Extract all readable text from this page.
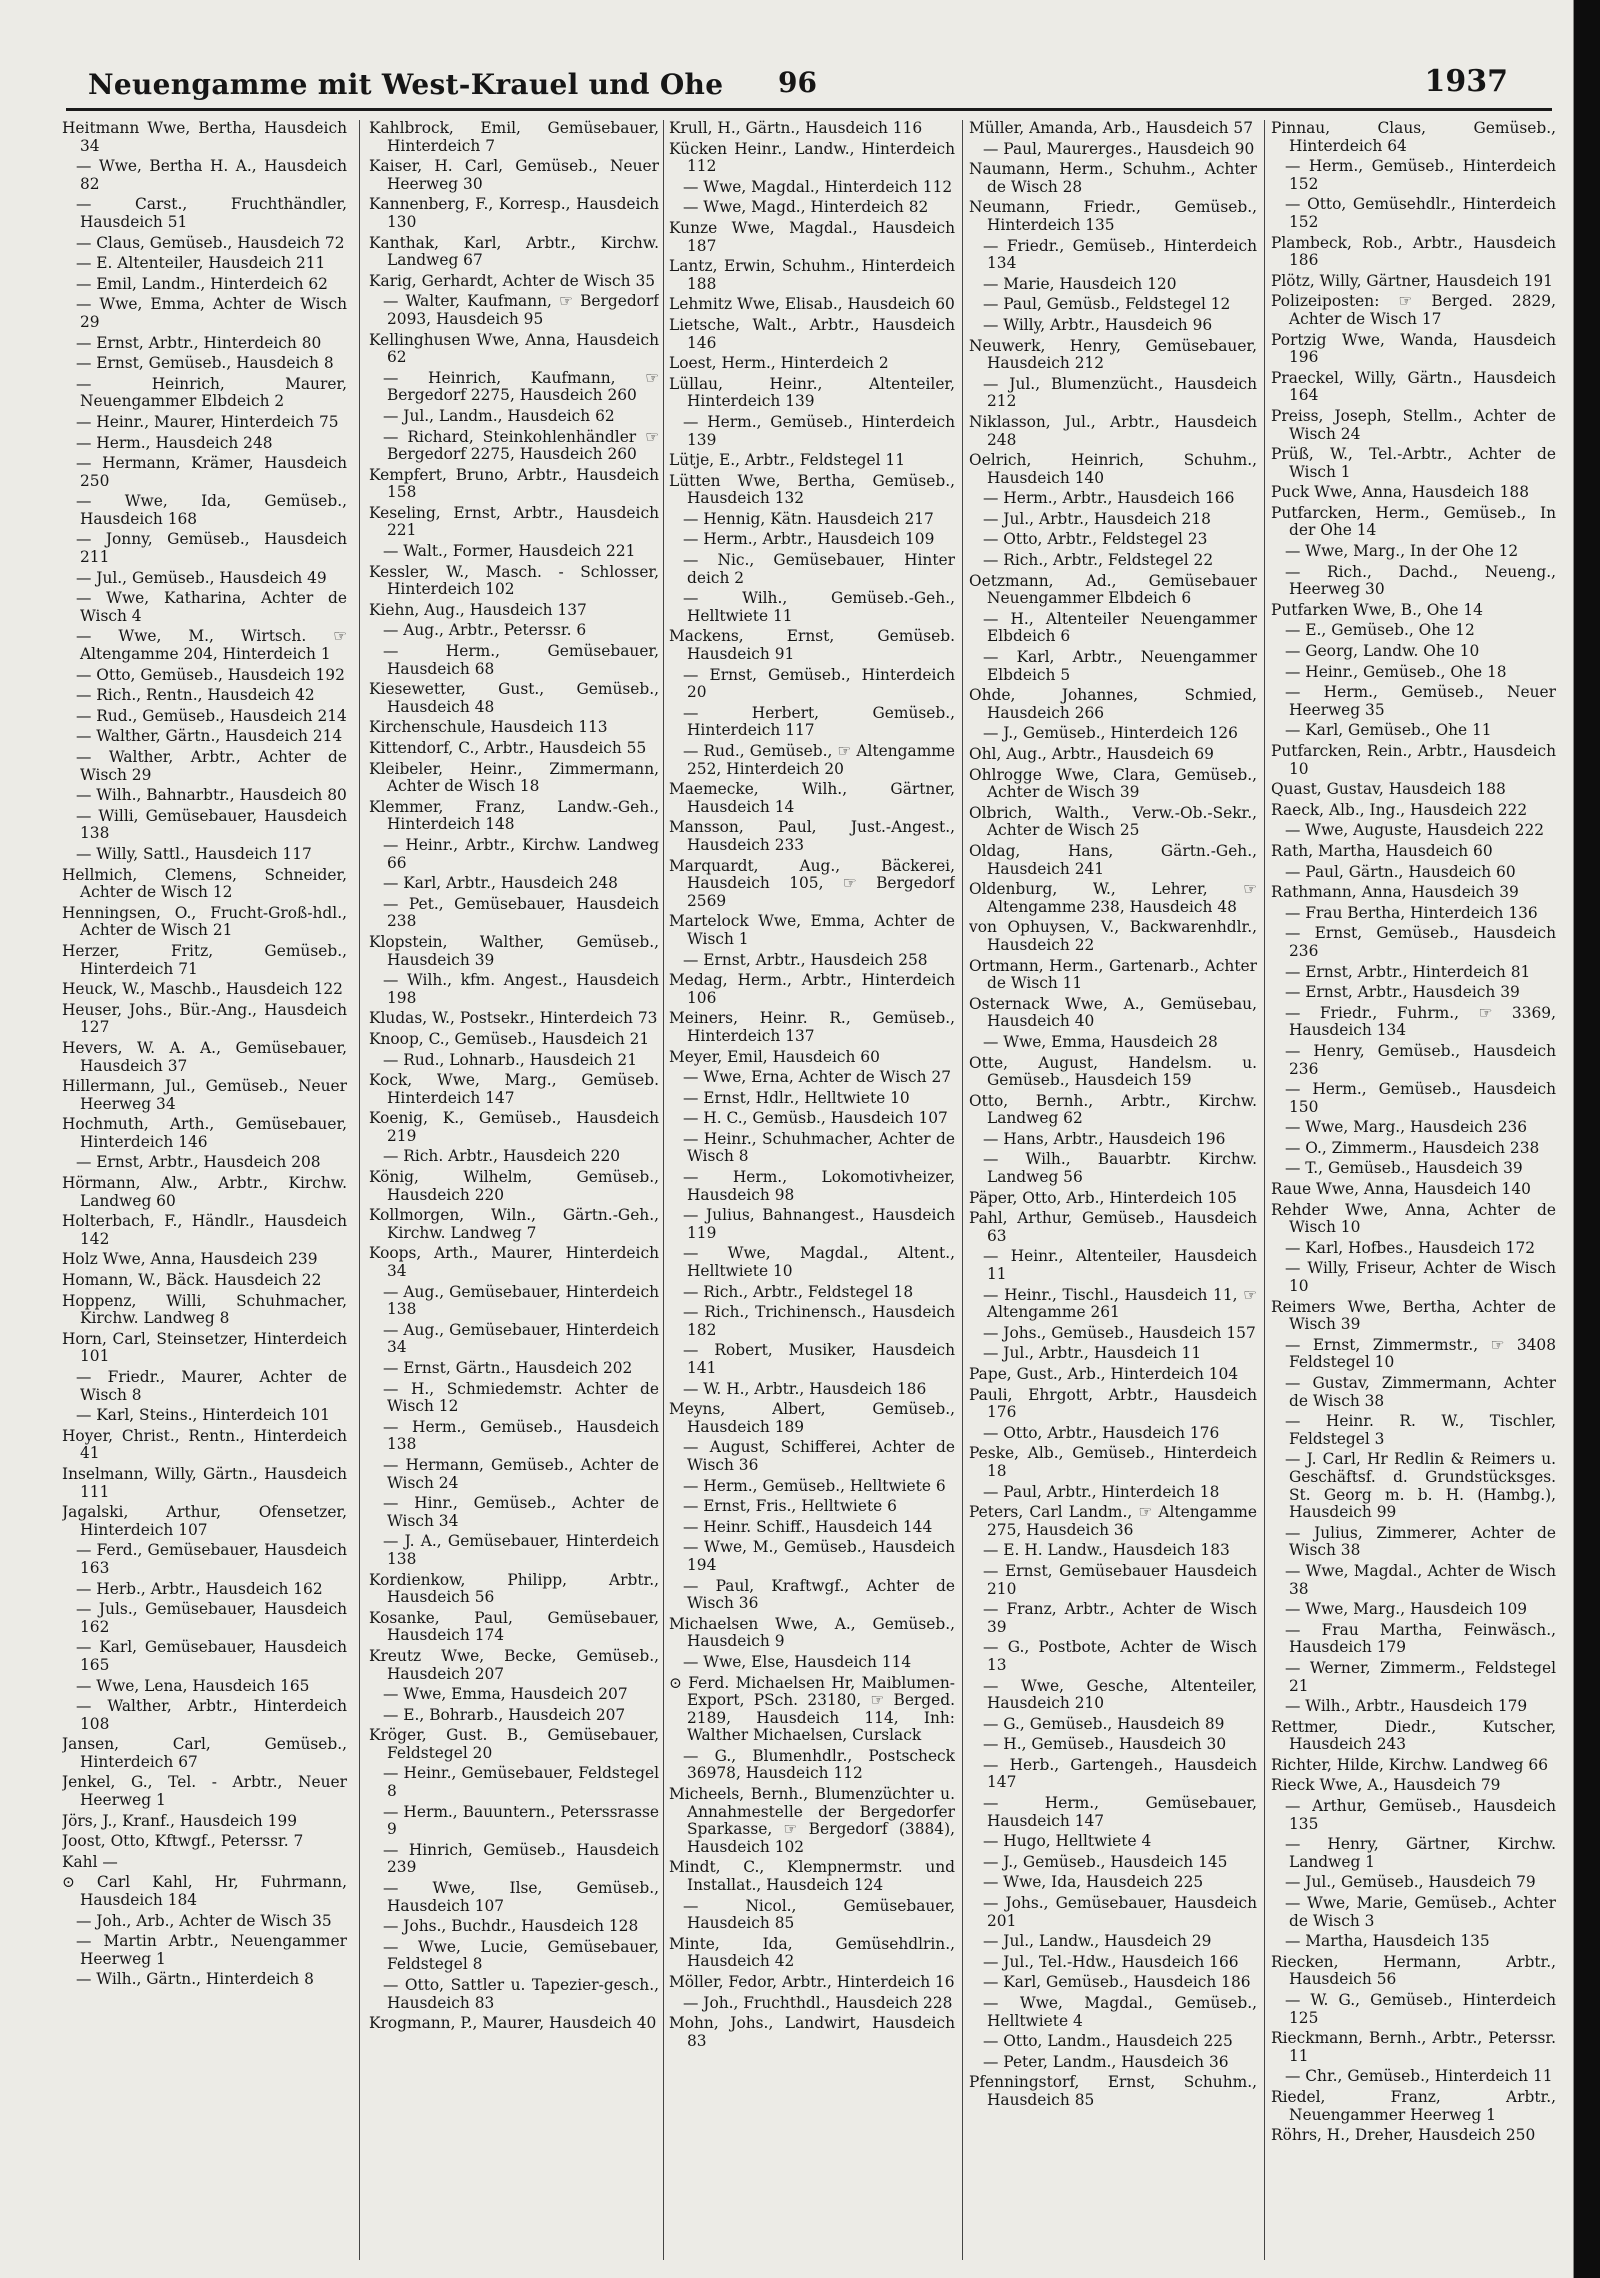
Neuengamme mit West-Krauel und Ohe 96	1937
Heitmann Wwe, Bertha, Hausdeich 34
— Wwe, Bertha H. A., Hausdeich 82
— Carst., Fruchthändler, Hausdeich 51
— Claus, Gemüseb., Hausdeich 72
— E. Altenteiler, Hausdeich 211
— Emil, Landm., Hinterdeich 62
— Wwe, Emma, Achter de Wisch 29
— Ernst, Arbtr., Hinterdeich 80
— Ernst, Gemüseb., Hausdeich 8
— Heinrich, Maurer, Neuengammer Elbdeich 2
— Heinr., Maurer, Hinterdeich 75
— Herm., Hausdeich 248
— Hermann, Krämer, Hausdeich 250
— Wwe, Ida, Gemüseb., Hausdeich 168
— Jonny, Gemüseb., Hausdeich 211
— Jul., Gemüseb., Hausdeich 49
— Wwe, Katharina, Achter de Wisch 4
— Wwe, M., Wirtsch. ☞ Altengamme 204, Hinterdeich 1
— Otto, Gemüseb., Hausdeich 192
— Rich., Rentn., Hausdeich 42
— Rud., Gemüseb., Hausdeich 214
— Walther, Gärtn., Hausdeich 214
— Walther, Arbtr., Achter de Wisch 29
— Wilh., Bahnarbtr., Hausdeich 80
— Willi, Gemüsebauer, Hausdeich 138
— Willy, Sattl., Hausdeich 117
Hellmich, Clemens, Schneider, Achter de Wisch 12
Henningsen, O., Frucht-Groß-hdl., Achter de Wisch 21
Herzer, Fritz, Gemüseb., Hinterdeich 71
Heuck, W., Maschb., Hausdeich 122
Heuser, Johs., Bür.-Ang., Hausdeich 127
Hevers, W. A. A., Gemüsebauer, Hausdeich 37
Hillermann, Jul., Gemüseb., Neuer Heerweg 34
Hochmuth, Arth., Gemüsebauer, Hinterdeich 146
— Ernst, Arbtr., Hausdeich 208
Hörmann, Alw., Arbtr., Kirchw. Landweg 60
Holterbach, F., Händlr., Hausdeich 142
Holz Wwe, Anna, Hausdeich 239
Homann, W., Bäck. Hausdeich 22
Hoppenz, Willi, Schuhmacher, Kirchw. Landweg 8
Horn, Carl, Steinsetzer, Hinterdeich 101
— Friedr., Maurer, Achter de Wisch 8
— Karl, Steins., Hinterdeich 101
Hoyer, Christ., Rentn., Hinterdeich 41
Inselmann, Willy, Gärtn., Hausdeich 111
Jagalski, Arthur, Ofensetzer, Hinterdeich 107
— Ferd., Gemüsebauer, Hausdeich 163
— Herb., Arbtr., Hausdeich 162
— Juls., Gemüsebauer, Hausdeich 162
— Karl, Gemüsebauer, Hausdeich 165
— Wwe, Lena, Hausdeich 165
— Walther, Arbtr., Hinterdeich 108
Jansen, Carl, Gemüseb., Hinterdeich 67
Jenkel, G., Tel. - Arbtr., Neuer Heerweg 1
Jörs, J., Kranf., Hausdeich 199
Joost, Otto, Kftwgf., Peterssr. 7
Kahl —
⊙ Carl Kahl, Hr, Fuhrmann, Hausdeich 184
— Joh., Arb., Achter de Wisch 35
— Martin Arbtr., Neuengammer Heerweg 1
— Wilh., Gärtn., Hinterdeich 8
Kahlbrock, Emil, Gemüsebauer, Hinterdeich 7
Kaiser, H. Carl, Gemüseb., Neuer Heerweg 30
Kannenberg, F., Korresp., Hausdeich 130
Kanthak, Karl, Arbtr., Kirchw. Landweg 67
Karig, Gerhardt, Achter de Wisch 35
— Walter, Kaufmann, ☞ Bergedorf 2093, Hausdeich 95
Kellinghusen Wwe, Anna, Hausdeich 62
— Heinrich, Kaufmann, ☞ Bergedorf 2275, Hausdeich 260
— Jul., Landm., Hausdeich 62
— Richard, Steinkohlenhändler ☞ Bergedorf 2275, Hausdeich 260
Kempfert, Bruno, Arbtr., Hausdeich 158
Keseling, Ernst, Arbtr., Hausdeich 221
— Walt., Former, Hausdeich 221
Kessler, W., Masch. - Schlosser, Hinterdeich 102
Kiehn, Aug., Hausdeich 137
— Aug., Arbtr., Peterssr. 6
— Herm., Gemüsebauer, Hausdeich 68
Kiesewetter, Gust., Gemüseb., Hausdeich 48
Kirchenschule, Hausdeich 113
Kittendorf, C., Arbtr., Hausdeich 55
Kleibeler, Heinr., Zimmermann, Achter de Wisch 18
Klemmer, Franz, Landw.-Geh., Hinterdeich 148
— Heinr., Arbtr., Kirchw. Landweg 66
— Karl, Arbtr., Hausdeich 248
— Pet., Gemüsebauer, Hausdeich 238
Klopstein, Walther, Gemüseb., Hausdeich 39
— Wilh., kfm. Angest., Hausdeich 198
Kludas, W., Postsekr., Hinterdeich 73
Knoop, C., Gemüseb., Hausdeich 21
— Rud., Lohnarb., Hausdeich 21
Kock, Wwe, Marg., Gemüseb. Hinterdeich 147
Koenig, K., Gemüseb., Hausdeich 219
— Rich. Arbtr., Hausdeich 220
König, Wilhelm, Gemüseb., Hausdeich 220
Kollmorgen, Wiln., Gärtn.-Geh., Kirchw. Landweg 7
Koops, Arth., Maurer, Hinterdeich 34
— Aug., Gemüsebauer, Hinterdeich 138
— Aug., Gemüsebauer, Hinterdeich 34
— Ernst, Gärtn., Hausdeich 202
— H., Schmiedemstr. Achter de Wisch 12
— Herm., Gemüseb., Hausdeich 138
— Hermann, Gemüseb., Achter de Wisch 24
— Hinr., Gemüseb., Achter de Wisch 34
— J. A., Gemüsebauer, Hinterdeich 138
Kordienkow, Philipp, Arbtr., Hausdeich 56
Kosanke, Paul, Gemüsebauer, Hausdeich 174
Kreutz Wwe, Becke, Gemüseb., Hausdeich 207
— Wwe, Emma, Hausdeich 207
— E., Bohrarb., Hausdeich 207
Kröger, Gust. B., Gemüsebauer, Feldstegel 20
— Heinr., Gemüsebauer, Feldstegel 8
— Herm., Bauuntern., Peterssrasse 9
— Hinrich, Gemüseb., Hausdeich 239
— Wwe, Ilse, Gemüseb., Hausdeich 107
— Johs., Buchdr., Hausdeich 128
— Wwe, Lucie, Gemüsebauer, Feldstegel 8
— Otto, Sattler u. Tapezier-gesch., Hausdeich 83
Krogmann, P., Maurer, Hausdeich 40
Krull, H., Gärtn., Hausdeich 116
Kücken Heinr., Landw., Hinterdeich 112
— Wwe, Magdal., Hinterdeich 112
— Wwe, Magd., Hinterdeich 82
Kunze Wwe, Magdal., Hausdeich 187
Lantz, Erwin, Schuhm., Hinterdeich 188
Lehmitz Wwe, Elisab., Hausdeich 60
Lietsche, Walt., Arbtr., Hausdeich 146
Loest, Herm., Hinterdeich 2
Lüllau, Heinr., Altenteiler, Hinterdeich 139
— Herm., Gemüseb., Hinterdeich 139
Lütje, E., Arbtr., Feldstegel 11
Lütten Wwe, Bertha, Gemüseb., Hausdeich 132
— Hennig, Kätn. Hausdeich 217
— Herm., Arbtr., Hausdeich 109
— Nic., Gemüsebauer, Hinter deich 2
— Wilh., Gemüseb.-Geh., Helltwiete 11
Mackens, Ernst, Gemüseb. Hausdeich 91
— Ernst, Gemüseb., Hinterdeich 20
— Herbert, Gemüseb., Hinterdeich 117
— Rud., Gemüseb., ☞ Altengamme 252, Hinterdeich 20
Maemecke, Wilh., Gärtner, Hausdeich 14
Mansson, Paul, Just.-Angest., Hausdeich 233
Marquardt, Aug., Bäckerei, Hausdeich 105, ☞ Bergedorf 2569
Martelock Wwe, Emma, Achter de Wisch 1
— Ernst, Arbtr., Hausdeich 258
Medag, Herm., Arbtr., Hinterdeich 106
Meiners, Heinr. R., Gemüseb., Hinterdeich 137
Meyer, Emil, Hausdeich 60
— Wwe, Erna, Achter de Wisch 27
— Ernst, Hdlr., Helltwiete 10
— H. C., Gemüsb., Hausdeich 107
— Heinr., Schuhmacher, Achter de Wisch 8
— Herm., Lokomotivheizer, Hausdeich 98
— Julius, Bahnangest., Hausdeich 119
— Wwe, Magdal., Altent., Helltwiete 10
— Rich., Arbtr., Feldstegel 18
— Rich., Trichinensch., Hausdeich 182
— Robert, Musiker, Hausdeich 141
— W. H., Arbtr., Hausdeich 186
Meyns, Albert, Gemüseb., Hausdeich 189
— August, Schifferei, Achter de Wisch 36
— Herm., Gemüseb., Helltwiete 6
— Ernst, Fris., Helltwiete 6
— Heinr. Schiff., Hausdeich 144
— Wwe, M., Gemüseb., Hausdeich 194
— Paul, Kraftwgf., Achter de Wisch 36
Michaelsen Wwe, A., Gemüseb., Hausdeich 9
— Wwe, Else, Hausdeich 114
⊙ Ferd. Michaelsen Hr, Maiblumen-Export, PSch. 23180, ☞ Berged. 2189, Hausdeich 114, Inh: Walther Michaelsen, Curslack
— G., Blumenhdlr., Postscheck 36978, Hausdeich 112
Micheels, Bernh., Blumenzüchter u. Annahmestelle der Bergedorfer Sparkasse, ☞ Bergedorf (3884), Hausdeich 102
Mindt, C., Klempnermstr. und Installat., Hausdeich 124
— Nicol., Gemüsebauer, Hausdeich 85
Minte, Ida, Gemüsehdlrin., Hausdeich 42
Möller, Fedor, Arbtr., Hinterdeich 16
— Joh., Fruchthdl., Hausdeich 228
Mohn, Johs., Landwirt, Hausdeich 83
Müller, Amanda, Arb., Hausdeich 57
— Paul, Maurerges., Hausdeich 90
Naumann, Herm., Schuhm., Achter de Wisch 28
Neumann, Friedr., Gemüseb., Hinterdeich 135
— Friedr., Gemüseb., Hinterdeich 134
— Marie, Hausdeich 120
— Paul, Gemüsb., Feldstegel 12
— Willy, Arbtr., Hausdeich 96
Neuwerk, Henry, Gemüsebauer, Hausdeich 212
— Jul., Blumenzücht., Hausdeich 212
Niklasson, Jul., Arbtr., Hausdeich 248
Oelrich, Heinrich, Schuhm., Hausdeich 140
— Herm., Arbtr., Hausdeich 166
— Jul., Arbtr., Hausdeich 218
— Otto, Arbtr., Feldstegel 23
— Rich., Arbtr., Feldstegel 22
Oetzmann, Ad., Gemüsebauer Neuengammer Elbdeich 6
— H., Altenteiler Neuengammer Elbdeich 6
— Karl, Arbtr., Neuengammer Elbdeich 5
Ohde, Johannes, Schmied, Hausdeich 266
— J., Gemüseb., Hinterdeich 126
Ohl, Aug., Arbtr., Hausdeich 69
Ohlrogge Wwe, Clara, Gemüseb., Achter de Wisch 39
Olbrich, Walth., Verw.-Ob.-Sekr., Achter de Wisch 25
Oldag, Hans, Gärtn.-Geh., Hausdeich 241
Oldenburg, W., Lehrer, ☞ Altengamme 238, Hausdeich 48
von Ophuysen, V., Backwarenhdlr., Hausdeich 22
Ortmann, Herm., Gartenarb., Achter de Wisch 11
Osternack Wwe, A., Gemüsebau, Hausdeich 40
— Wwe, Emma, Hausdeich 28
Otte, August, Handelsm. u. Gemüseb., Hausdeich 159
Otto, Bernh., Arbtr., Kirchw. Landweg 62
— Hans, Arbtr., Hausdeich 196
— Wilh., Bauarbtr. Kirchw. Landweg 56
Päper, Otto, Arb., Hinterdeich 105
Pahl, Arthur, Gemüseb., Hausdeich 63
— Heinr., Altenteiler, Hausdeich 11
— Heinr., Tischl., Hausdeich 11, ☞ Altengamme 261
— Johs., Gemüseb., Hausdeich 157
— Jul., Arbtr., Hausdeich 11
Pape, Gust., Arb., Hinterdeich 104
Pauli, Ehrgott, Arbtr., Hausdeich 176
— Otto, Arbtr., Hausdeich 176
Peske, Alb., Gemüseb., Hinterdeich 18
— Paul, Arbtr., Hinterdeich 18
Peters, Carl Landm., ☞ Altengamme 275, Hausdeich 36
— E. H. Landw., Hausdeich 183
— Ernst, Gemüsebauer Hausdeich 210
— Franz, Arbtr., Achter de Wisch 39
— G., Postbote, Achter de Wisch 13
— Wwe, Gesche, Altenteiler, Hausdeich 210
— G., Gemüseb., Hausdeich 89
— H., Gemüseb., Hausdeich 30
— Herb., Gartengeh., Hausdeich 147
— Herm., Gemüsebauer, Hausdeich 147
— Hugo, Helltwiete 4
— J., Gemüseb., Hausdeich 145
— Wwe, Ida, Hausdeich 225
— Johs., Gemüsebauer, Hausdeich 201
— Jul., Landw., Hausdeich 29
— Jul., Tel.-Hdw., Hausdeich 166
— Karl, Gemüseb., Hausdeich 186
— Wwe, Magdal., Gemüseb., Helltwiete 4
— Otto, Landm., Hausdeich 225
— Peter, Landm., Hausdeich 36
Pfenningstorf, Ernst, Schuhm., Hausdeich 85
Pinnau, Claus, Gemüseb., Hinterdeich 64
— Herm., Gemüseb., Hinterdeich 152
— Otto, Gemüsehdlr., Hinterdeich 152
Plambeck, Rob., Arbtr., Hausdeich 186
Plötz, Willy, Gärtner, Hausdeich 191
Polizeiposten: ☞ Berged. 2829, Achter de Wisch 17
Portzig Wwe, Wanda, Hausdeich 196
Praeckel, Willy, Gärtn., Hausdeich 164
Preiss, Joseph, Stellm., Achter de Wisch 24
Prüß, W., Tel.-Arbtr., Achter de Wisch 1
Puck Wwe, Anna, Hausdeich 188
Putfarcken, Herm., Gemüseb., In der Ohe 14
— Wwe, Marg., In der Ohe 12
— Rich., Dachd., Neueng., Heerweg 30
Putfarken Wwe, B., Ohe 14
— E., Gemüseb., Ohe 12
— Georg, Landw. Ohe 10
— Heinr., Gemüseb., Ohe 18
— Herm., Gemüseb., Neuer Heerweg 35
— Karl, Gemüseb., Ohe 11
Putfarcken, Rein., Arbtr., Hausdeich 10
Quast, Gustav, Hausdeich 188
Raeck, Alb., Ing., Hausdeich 222
— Wwe, Auguste, Hausdeich 222
Rath, Martha, Hausdeich 60
— Paul, Gärtn., Hausdeich 60
Rathmann, Anna, Hausdeich 39
— Frau Bertha, Hinterdeich 136
— Ernst, Gemüseb., Hausdeich 236
— Ernst, Arbtr., Hinterdeich 81
— Ernst, Arbtr., Hausdeich 39
— Friedr., Fuhrm., ☞ 3369, Hausdeich 134
— Henry, Gemüseb., Hausdeich 236
— Herm., Gemüseb., Hausdeich 150
— Wwe, Marg., Hausdeich 236
— O., Zimmerm., Hausdeich 238
— T., Gemüseb., Hausdeich 39
Raue Wwe, Anna, Hausdeich 140
Rehder Wwe, Anna, Achter de Wisch 10
— Karl, Hofbes., Hausdeich 172
— Willy, Friseur, Achter de Wisch 10
Reimers Wwe, Bertha, Achter de Wisch 39
— Ernst, Zimmermstr., ☞ 3408 Feldstegel 10
— Gustav, Zimmermann, Achter de Wisch 38
— Heinr. R. W., Tischler, Feldstegel 3
— J. Carl, Hr Redlin & Reimers u. Geschäftsf. d. Grundstücksges. St. Georg m. b. H. (Hambg.), Hausdeich 99
— Julius, Zimmerer, Achter de Wisch 38
— Wwe, Magdal., Achter de Wisch 38
— Wwe, Marg., Hausdeich 109
— Frau Martha, Feinwäsch., Hausdeich 179
— Werner, Zimmerm., Feldstegel 21
— Wilh., Arbtr., Hausdeich 179
Rettmer, Diedr., Kutscher, Hausdeich 243
Richter, Hilde, Kirchw. Landweg 66
Rieck Wwe, A., Hausdeich 79
— Arthur, Gemüseb., Hausdeich 135
— Henry, Gärtner, Kirchw. Landweg 1
— Jul., Gemüseb., Hausdeich 79
— Wwe, Marie, Gemüseb., Achter de Wisch 3
— Martha, Hausdeich 135
Riecken, Hermann, Arbtr., Hausdeich 56
— W. G., Gemüseb., Hinterdeich 125
Rieckmann, Bernh., Arbtr., Peterssr. 11
— Chr., Gemüseb., Hinterdeich 11
Riedel, Franz, Arbtr., Neuengammer Heerweg 1
Röhrs, H., Dreher, Hausdeich 250
